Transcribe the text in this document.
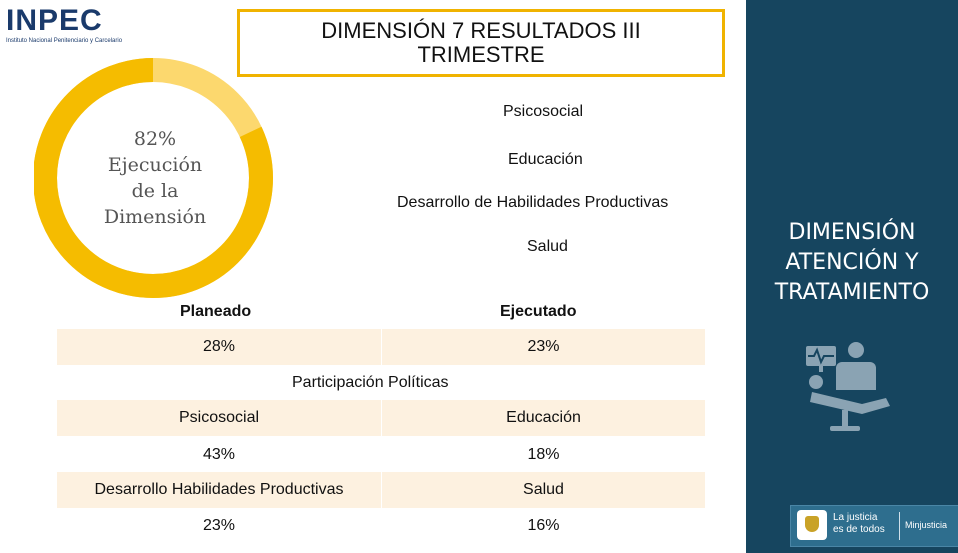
INPEC
Instituto Nacional Penitenciario y Carcelario	DIMENSIÓN 7 RESULTADOS III TRIMESTRE
82%
Ejecución
de la
Dimensión
Psicosocial
Educación
Desarrollo de Habilidades Productivas
Salud
Planeado	Ejecutado
28%	23%
Participación Políticas
Psicosocial	Educación
43%	18%
Desarrollo Habilidades Productivas	Salud
23%	16%
DIMENSIÓN
ATENCIÓN Y
TRATAMIENTO
La justicia
es de todos Minjusticia
